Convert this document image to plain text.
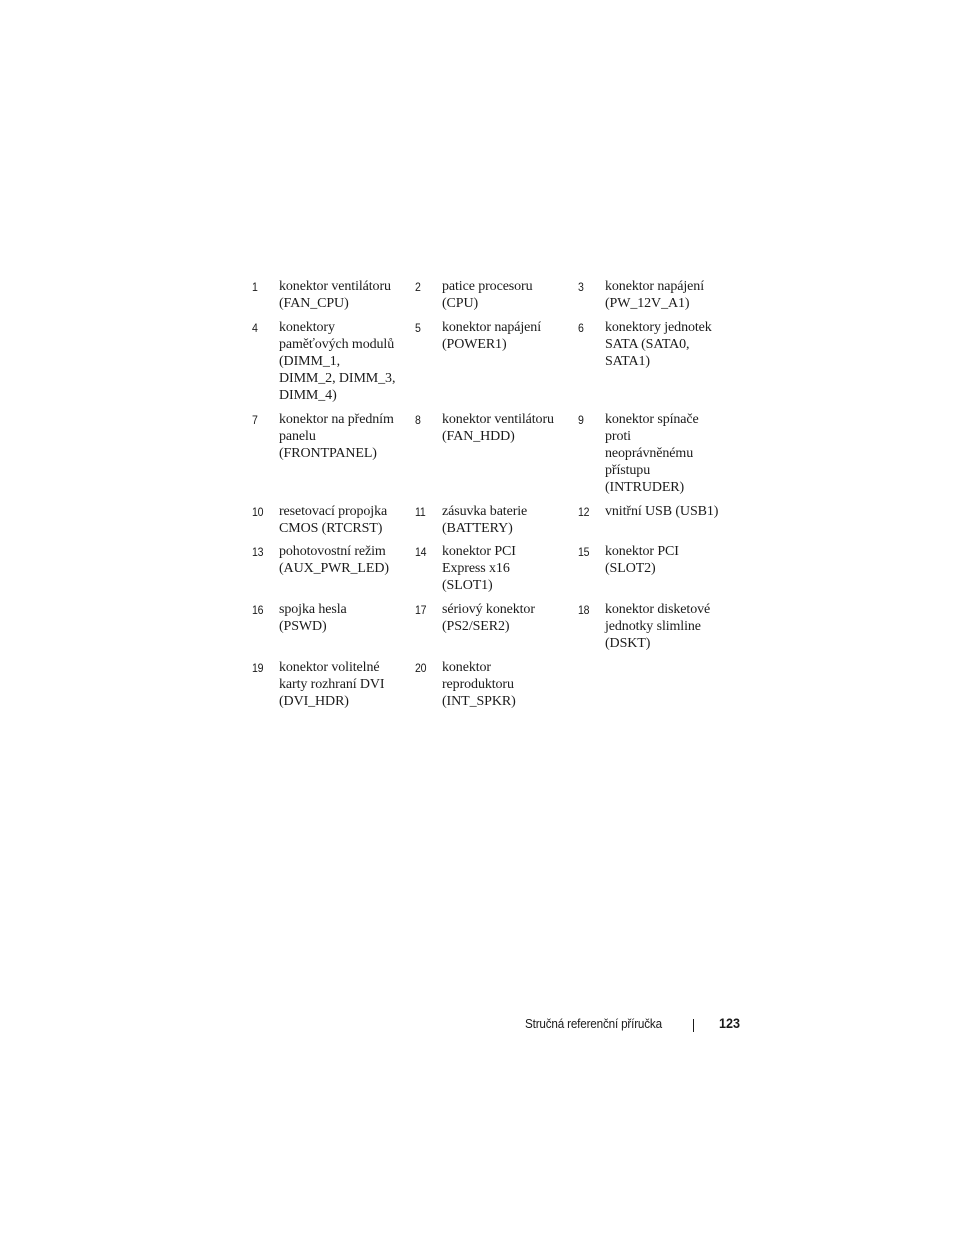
1	konektor ventilátoru
(FAN_CPU)
2	patice procesoru
(CPU)
3	konektor napájení
(PW_12V_A1)
4	konektory
paměťových modulů
(DIMM_1,
DIMM_2, DIMM_3,
DIMM_4)
5	konektor napájení
(POWER1)
6	konektory jednotek
SATA (SATA0,
SATA1)
7	konektor na předním
panelu
(FRONTPANEL)
8	konektor ventilátoru
(FAN_HDD)
9	konektor spínače
proti
neoprávněnému
přístupu
(INTRUDER)
10	resetovací propojka
CMOS (RTCRST)
11	zásuvka baterie
(BATTERY)
12	vnitřní USB (USB1)
13	pohotovostní režim
(AUX_PWR_LED)
14	konektor PCI
Express x16
(SLOT1)
15	konektor PCI
(SLOT2)
16	spojka hesla
(PSWD)
17	sériový konektor
(PS2/SER2)
18	konektor disketové
jednotky slimline
(DSKT)
19	konektor volitelné
karty rozhraní DVI
(DVI_HDR)
20	konektor
reproduktoru
(INT_SPKR)
Stručná referenční příručka	123
